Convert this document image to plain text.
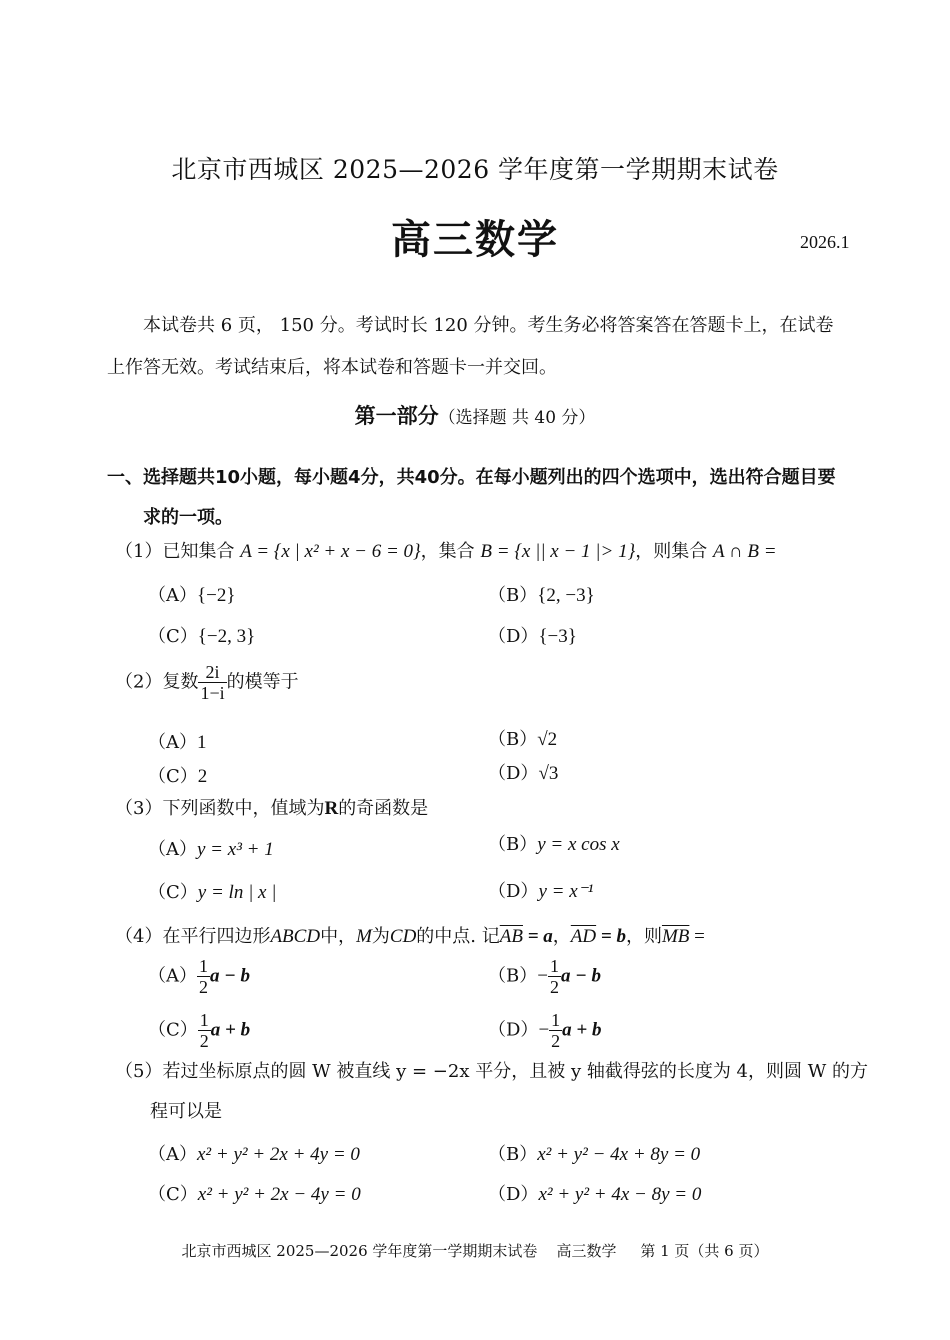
北京市西城区 2025—2026 学年度第一学期期末试卷
高三数学	2026.1
本试卷共 6 页， 150 分。考试时长 120 分钟。考生务必将答案答在答题卡上，在试卷上作答无效。考试结束后，将本试卷和答题卡一并交回。
第一部分（选择题 共 40 分）
一、选择题共10小题，每小题4分，共40分。在每小题列出的四个选项中，选出符合题目要
求的一项。
（1）已知集合 A = {x | x² + x − 6 = 0}，集合 B = {x || x − 1 |> 1}，则集合 A ∩ B =
（A）{−2}	（B）{2, −3}
（C）{−2, 3}	（D）{−3}
（2）复数 $\frac{2i}{1-i}$ 的模等于
（A）1	（B）√2
（C）2	（D）√3
（3）下列函数中，值域为R的奇函数是
（A）y = x³ + 1	（B）y = x cos x
（C）y = ln | x |	（D）y = x⁻¹
（4）在平行四边形ABCD中，M为CD的中点. 记$\overline{AB} = a$，$\overline{AD} = b$，则$\overline{MB}$ =
$(A) \frac{1}{2}$ a − b	$(B)- \frac{1}{2}$ a − b
$(C) \frac{1}{2}$ a + b	$(D)- \frac{1}{2}$ a + b
（5）若过坐标原点的圆 W 被直线 y = −2x 平分，且被 y 轴截得弦的长度为 4，则圆 W 的方
程可以是
（A）x² + y² + 2x + 4y = 0	（B）x² + y² − 4x + 8y = 0
（C）x² + y² + 2x − 4y = 0	（D）x² + y² + 4x − 8y = 0
北京市西城区 2025—2026 学年度第一学期期末试卷    高三数学     第 1 页（共 6 页）
